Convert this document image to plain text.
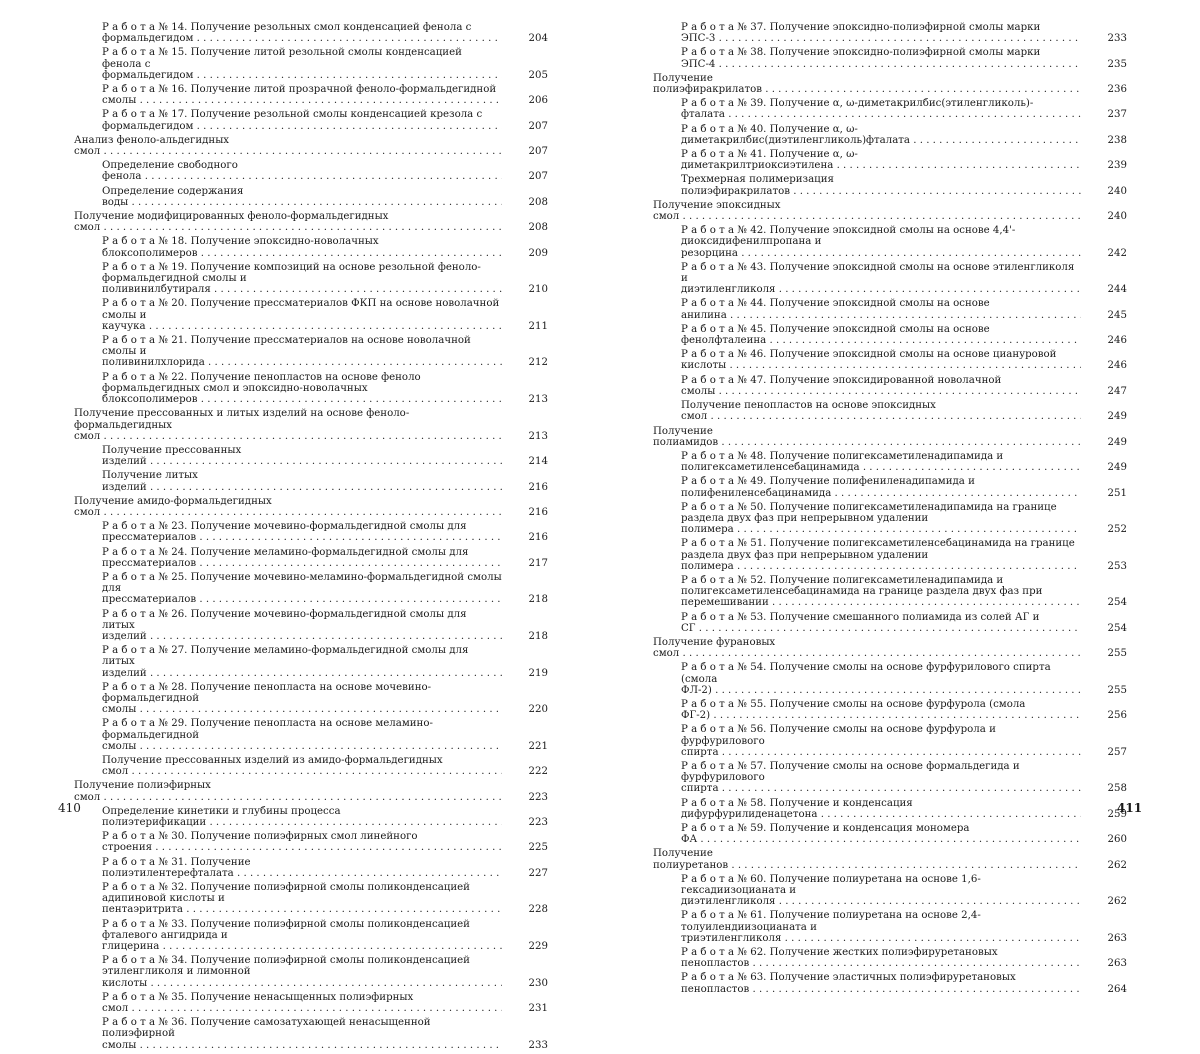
Р а б о т а № 14. Получение резольных смол конденсацией фенола с формальдегидом . . .	204
Р а б о т а № 15. Получение литой резольной смолы конденсацией фенола с формальдегидом . . .	205
Р а б о т а № 16. Получение литой прозрачной феноло-формальдегидной смолы . . .	206
Р а б о т а № 17. Получение резольной смолы конденсацией крезола с формальдегидом . . .	207
Анализ феноло-альдегидных смол . . .	207
Определение свободного фенола . . .	207
Определение содержания воды . . .	208
Получение модифицированных феноло-формальдегидных смол . . .	208
Р а б о т а № 18. Получение эпоксидно-новолачных блоксополимеров . . .	209
Р а б о т а № 19. Получение композиций на основе резольной феноло-формальдегидной смолы и поливинилбутираля . . .	210
Р а б о т а № 20. Получение прессматериалов ФКП на основе новолачной смолы и каучука . . .	211
Р а б о т а № 21. Получение прессматериалов на основе новолачной смолы и поливинилхлорида . . .	212
Р а б о т а № 22. Получение пенопластов на основе феноло формальдегидных смол и эпоксидно-новолачных блоксополимеров . . .	213
Получение прессованных и литых изделий на основе феноло-формальдегидных смол . . .	213
Получение прессованных изделий . . .	214
Получение литых изделий . . .	216
Получение амидо-формальдегидных смол . . .	216
Р а б о т а № 23. Получение мочевино-формальдегидной смолы для прессматериалов . . .	216
Р а б о т а № 24. Получение меламино-формальдегидной смолы для прессматериалов . . .	217
Р а б о т а № 25. Получение мочевино-меламино-формальдегидной смолы для прессматериалов . . .	218
Р а б о т а № 26. Получение мочевино-формальдегидной смолы для литых изделий . . .	218
Р а б о т а № 27. Получение меламино-формальдегидной смолы для литых изделий . . .	219
Р а б о т а № 28. Получение пенопласта на основе мочевино-формальдегидной смолы . . .	220
Р а б о т а № 29. Получение пенопласта на основе меламино-формальдегидной смолы . . .	221
Получение прессованных изделий из амидо-формальдегидных смол . . .	222
Получение полиэфирных смол . . .	223
Определение кинетики и глубины процесса полиэтерификации . . .	223
Р а б о т а № 30. Получение полиэфирных смол линейного строения . . .	225
Р а б о т а № 31. Получение полиэтилентерефталата . . .	227
Р а б о т а № 32. Получение полиэфирной смолы поликонденсацией адипиновой кислоты и пентаэритрита . . .	228
Р а б о т а № 33. Получение полиэфирной смолы поликонденсацией фталевого ангидрида и глицерина . . .	229
Р а б о т а № 34. Получение полиэфирной смолы поликонденсацией этиленгликоля и лимонной кислоты . . .	230
Р а б о т а № 35. Получение ненасыщенных полиэфирных смол . . .	231
Р а б о т а № 36. Получение самозатухающей ненасыщенной полиэфирной смолы . . .	233
Р а б о т а № 37. Получение эпоксидно-полиэфирной смолы марки ЭПС-3 . . .	233
Р а б о т а № 38. Получение эпоксидно-полиэфирной смолы марки ЭПС-4 . . .	235
Получение полиэфиракрилатов . . .	236
Р а б о т а № 39. Получение α, ω-диметакрилбис(этиленгликоль)-фталата . . .	237
Р а б о т а № 40. Получение α, ω-диметакрилбис(диэтиленгликоль)фталата . . .	238
Р а б о т а № 41. Получение α, ω-диметакрилтриоксиэтилена . . .	239
Трехмерная полимеризация полиэфиракрилатов . . .	240
Получение эпоксидных смол . . .	240
Р а б о т а № 42. Получение эпоксидной смолы на основе 4,4'-диоксидифенилпропана и резорцина . . .	242
Р а б о т а № 43. Получение эпоксидной смолы на основе этиленгликоля и диэтиленгликоля . . .	244
Р а б о т а № 44. Получение эпоксидной смолы на основе анилина . . .	245
Р а б о т а № 45. Получение эпоксидной смолы на основе фенолфталеина . . .	246
Р а б о т а № 46. Получение эпоксидной смолы на основе циануровой кислоты . . .	246
Р а б о т а № 47. Получение эпоксидированной новолачной смолы . . .	247
Получение пенопластов на основе эпоксидных смол . . .	249
Получение полиамидов . . .	249
Р а б о т а № 48. Получение полигексаметиленадипамида и полигексаметиленсебацинамида . . .	249
Р а б о т а № 49. Получение полифениленадипамида и полифениленсебацинамида . . .	251
Р а б о т а № 50. Получение полигексаметиленадипамида на границе раздела двух фаз при непрерывном удалении полимера . . .	252
Р а б о т а № 51. Получение полигексаметиленсебацинамида на границе раздела двух фаз при непрерывном удалении полимера . . .	253
Р а б о т а № 52. Получение полигексаметиленадипамида и полигексаметиленсебацинамида на границе раздела двух фаз при перемешивании . . .	254
Р а б о т а № 53. Получение смешанного полиамида из солей АГ и СГ . . .	254
Получение фурановых смол . . .	255
Р а б о т а № 54. Получение смолы на основе фурфурилового спирта (смола ФЛ-2) . . .	255
Р а б о т а № 55. Получение смолы на основе фурфурола (смола ФГ-2) . . .	256
Р а б о т а № 56. Получение смолы на основе фурфурола и фурфурилового спирта . . .	257
Р а б о т а № 57. Получение смолы на основе формальдегида и фурфурилового спирта . . .	258
Р а б о т а № 58. Получение и конденсация дифурфурилиденацетона . . .	259
Р а б о т а № 59. Получение и конденсация мономера ФА . . .	260
Получение полиуретанов . . .	262
Р а б о т а № 60. Получение полиуретана на основе 1,6-гексадиизоцианата и диэтиленгликоля . . .	262
Р а б о т а № 61. Получение полиуретана на основе 2,4-толуилендиизоцианата и триэтиленгликоля . . .	263
Р а б о т а № 62. Получение жестких полиэфируретановых пенопластов . . .	263
Р а б о т а № 63. Получение эластичных полиэфируретановых пенопластов . . .	264
410	411
